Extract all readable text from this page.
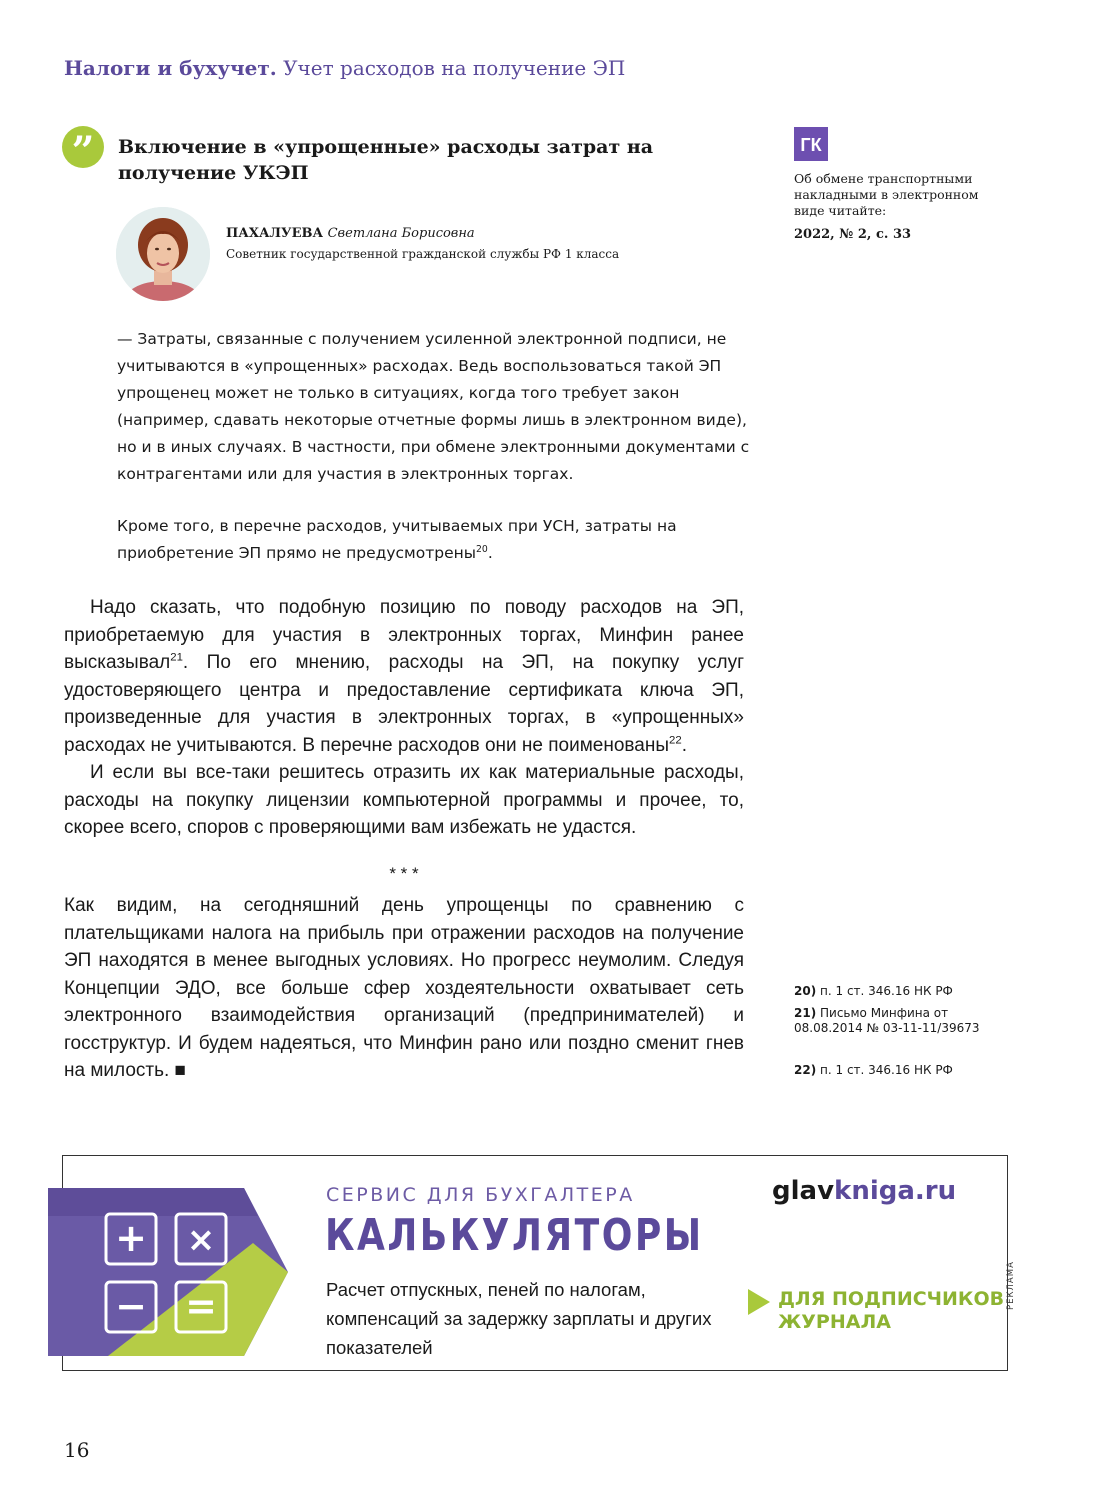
Налоги и бухучет. Учет расходов на получение ЭП
”	Включение в «упрощенные» расходы затрат на получение УКЭП
ПАХАЛУЕВА Светлана Борисовна
Советник государственной гражданской службы РФ 1 класса
— Затраты, связанные с получением усиленной электронной подписи, не учитываются в «упрощенных» расходах. Ведь воспользоваться такой ЭП упрощенец может не только в ситуациях, когда того требует закон (например, сдавать некоторые отчетные формы лишь в электронном виде), но и в иных случаях. В частности, при обмене электронными документами с контрагентами или для участия в электронных торгах.
Кроме того, в перечне расходов, учитываемых при УСН, затраты на приобретение ЭП прямо не предусмотрены$^{20}$.
Надо сказать, что подобную позицию по поводу расходов на ЭП, приобретаемую для участия в электронных торгах, Минфин ранее высказывал$^{21}$. По его мнению, расходы на ЭП, на покупку услуг удостоверяющего центра и предоставление сертификата ключа ЭП, произведенные для участия в электронных торгах, в «упрощенных» расходах не учитываются. В перечне расходов они не поименованы$^{22}$.
И если вы все-таки решитесь отразить их как материальные расходы, расходы на покупку лицензии компьютерной программы и прочее, то, скорее всего, споров с проверяющими вам избежать не удастся.
* * *
Как видим, на сегодняшний день упрощенцы по сравнению с плательщиками налога на прибыль при отражении расходов на получение ЭП находятся в менее выгодных условиях. Но прогресс неумолим. Следуя Концепции ЭДО, все больше сфер хоздеятельности охватывает сеть электронного взаимодействия организаций (предпринимателей) и госструктур. И будем надеяться, что Минфин рано или поздно сменит гнев на милость. ■
ГК
Об обмене транспортными накладными в электронном виде читайте:
2022, № 2, с. 33
20) п. 1 ст. 346.16 НК РФ
21) Письмо Минфина от 08.08.2014 № 03-11-11/39673
22) п. 1 ст. 346.16 НК РФ
+ ×
− =
СЕРВИС ДЛЯ БУХГАЛТЕРА
КАЛЬКУЛЯТОРЫ
Расчет отпускных, пеней по налогам, компенсаций за задержку зарплаты и других показателей
glavkniga.ru
ДЛЯ ПОДПИСЧИКОВ ЖУРНАЛА
РЕКЛАМА
16
